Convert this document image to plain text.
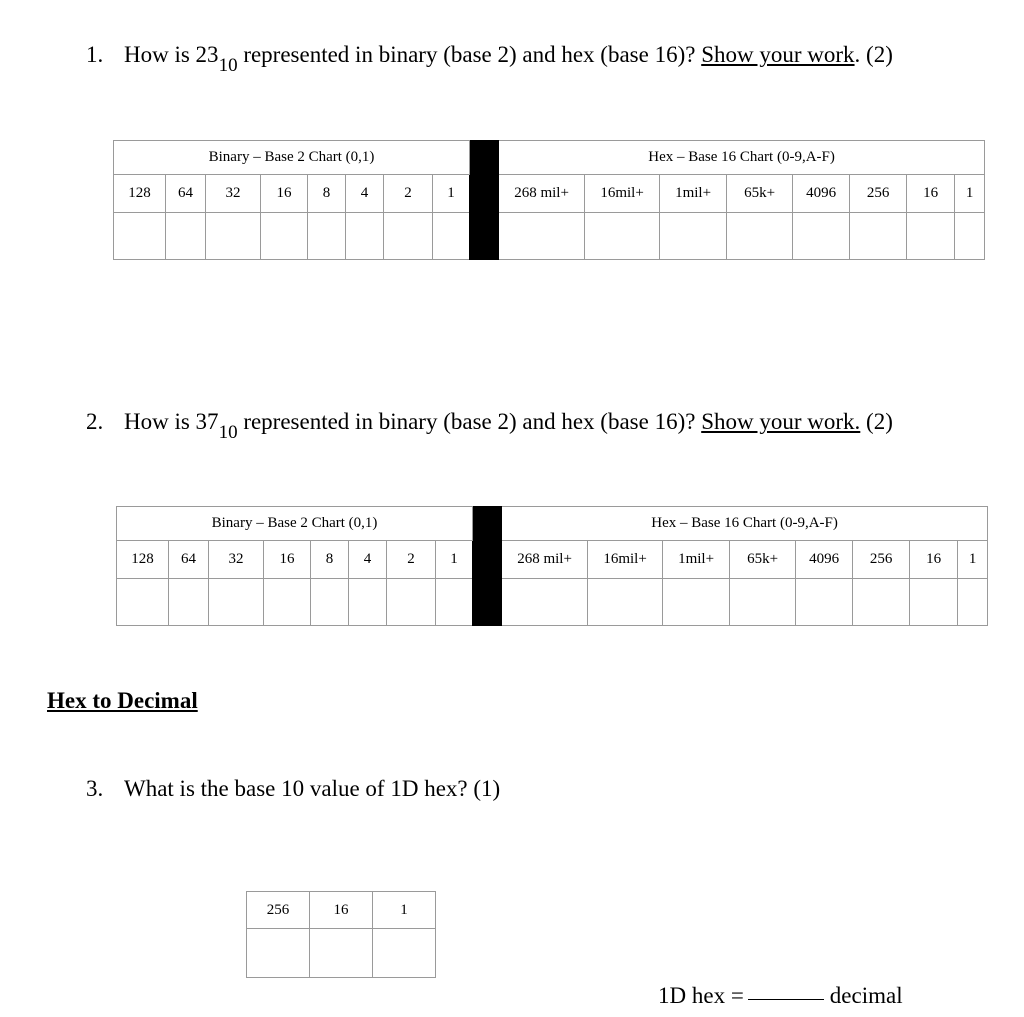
1. How is $23_{10}$ represented in binary (base 2) and hex (base 16)? Show your work. (2)
Binary – Base 2 Chart (0,1)									Hex – Base 16 Chart (0-9,A-F)							
128	64	32	16	8	4	2	1		268 mil+	16mil+	1mil+	65k+	4096	256	16	1

2. How is $37_{10}$ represented in binary (base 2) and hex (base 16)? Show your work. (2)
Binary – Base 2 Chart (0,1)									Hex – Base 16 Chart (0-9,A-F)							
128	64	32	16	8	4	2	1		268 mil+	16mil+	1mil+	65k+	4096	256	16	1

Hex to Decimal
3. What is the base 10 value of 1D hex? (1)
256	16	1

1D hex =	decimal
